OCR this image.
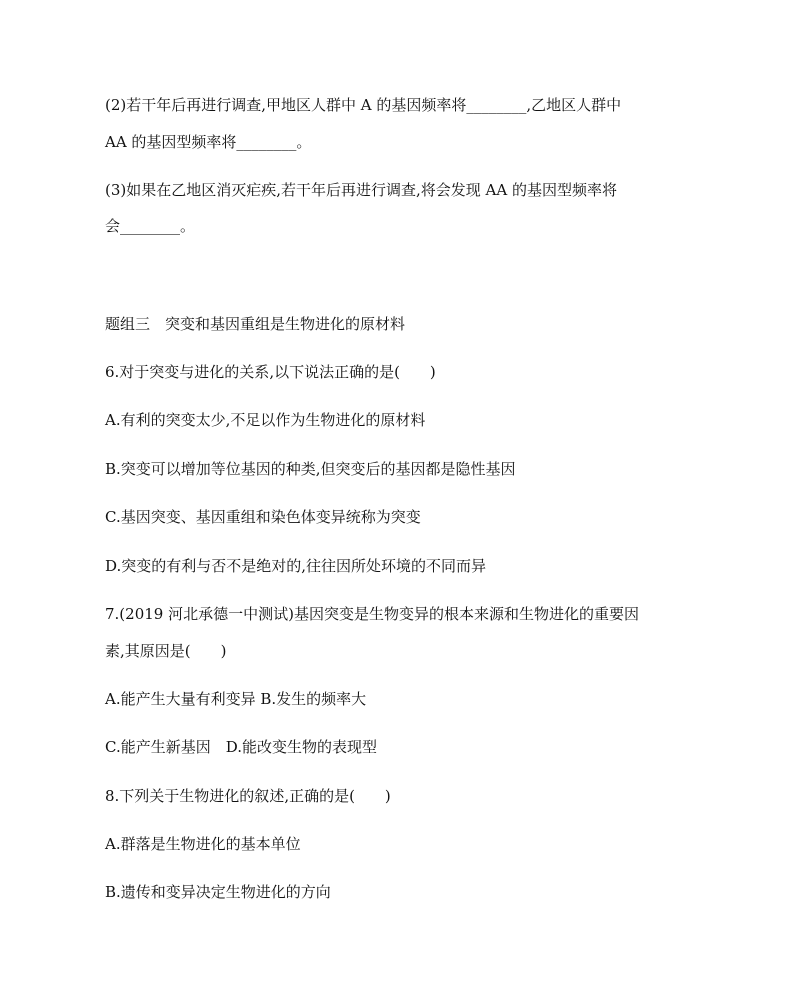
(2)若干年后再进行调查,甲地区人群中 A 的基因频率将________,乙地区人群中
AA 的基因型频率将________。
(3)如果在乙地区消灭疟疾,若干年后再进行调查,将会发现 AA 的基因型频率将
会________。
题组三　突变和基因重组是生物进化的原材料
6.对于突变与进化的关系,以下说法正确的是(　　)
A.有利的突变太少,不足以作为生物进化的原材料
B.突变可以增加等位基因的种类,但突变后的基因都是隐性基因
C.基因突变、基因重组和染色体变异统称为突变
D.突变的有利与否不是绝对的,往往因所处环境的不同而异
7.(2019 河北承德一中测试)基因突变是生物变异的根本来源和生物进化的重要因
素,其原因是(　　)
A.能产生大量有利变异 B.发生的频率大
C.能产生新基因　D.能改变生物的表现型
8.下列关于生物进化的叙述,正确的是(　　)
A.群落是生物进化的基本单位
B.遗传和变异决定生物进化的方向
